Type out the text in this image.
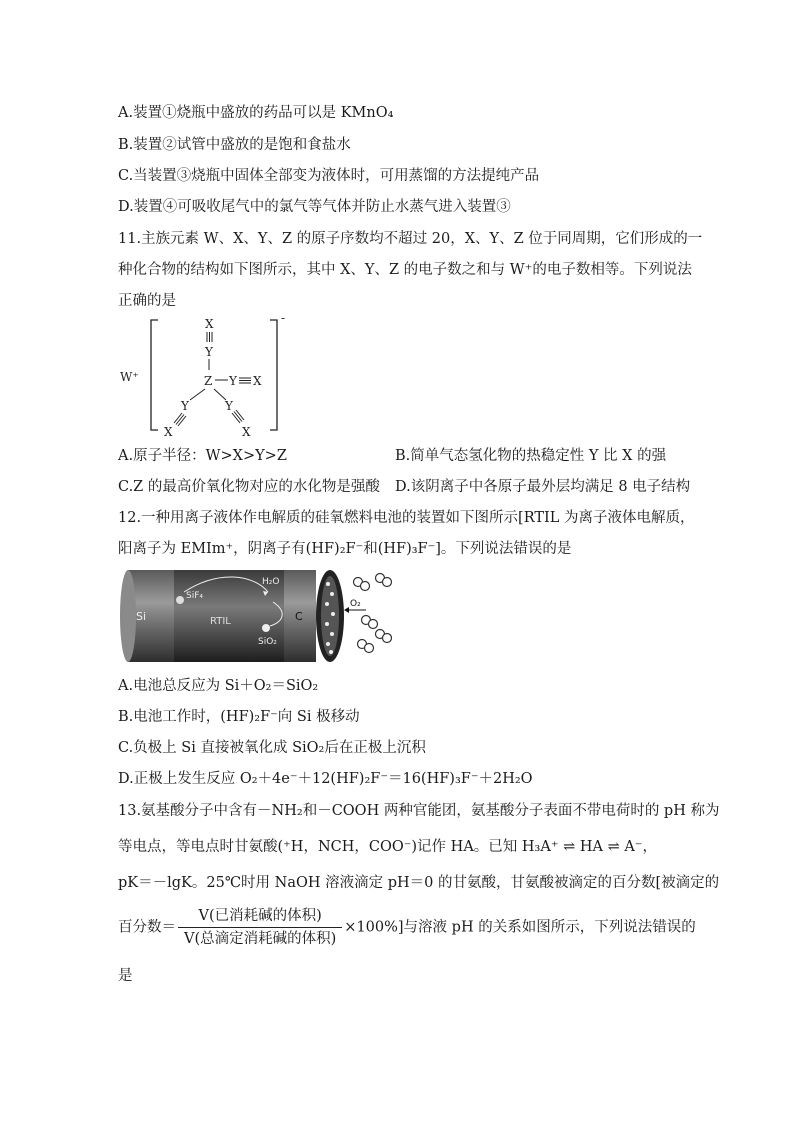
A.装置①烧瓶中盛放的药品可以是 KMnO₄
B.装置②试管中盛放的是饱和食盐水
C.当装置③烧瓶中固体全部变为液体时，可用蒸馏的方法提纯产品
D.装置④可吸收尾气中的氯气等气体并防止水蒸气进入装置③
11.主族元素 W、X、Y、Z 的原子序数均不超过 20，X、Y、Z 位于同周期，它们形成的一
种化合物的结构如下图所示，其中 X、Y、Z 的电子数之和与 W⁺的电子数相等。下列说法
正确的是
W⁺
-
X
Y
Z Y X
Y
X
Y
X
A.原子半径：W>X>Y>Z	B.简单气态氢化物的热稳定性 Y 比 X 的强
C.Z 的最高价氧化物对应的水化物是强酸 D.该阴离子中各原子最外层均满足 8 电子结构
12.一种用离子液体作电解质的硅氧燃料电池的装置如下图所示[RTIL 为离子液体电解质，
阳离子为 EMIm⁺，阴离子有(HF)₂F⁻和(HF)₃F⁻]。下列说法错误的是
Si	RTIL
SiF₄
H₂O
SiO₂
C
O₂
A.电池总反应为 Si＋O₂＝SiO₂
B.电池工作时，(HF)₂F⁻向 Si 极移动
C.负极上 Si 直接被氧化成 SiO₂后在正极上沉积
D.正极上发生反应 O₂＋4e⁻＋12(HF)₂F⁻＝16(HF)₃F⁻＋2H₂O
13.氨基酸分子中含有－NH₂和－COOH 两种官能团，氨基酸分子表面不带电荷时的 pH 称为
等电点，等电点时甘氨酸(⁺H，NCH，COO⁻)记作 HA。已知 H₃A⁺ ⇌ HA ⇌ A⁻，
pK＝－lgK。25℃时用 NaOH 溶液滴定 pH＝0 的甘氨酸，甘氨酸被滴定的百分数[被滴定的
百分数＝ $\frac{\text{V(已消耗碱的体积)}}{\text{V(总滴定消耗碱的体积)}} \times 100\%$]与溶液 pH 的关系如图所示，下列说法错误的
是
